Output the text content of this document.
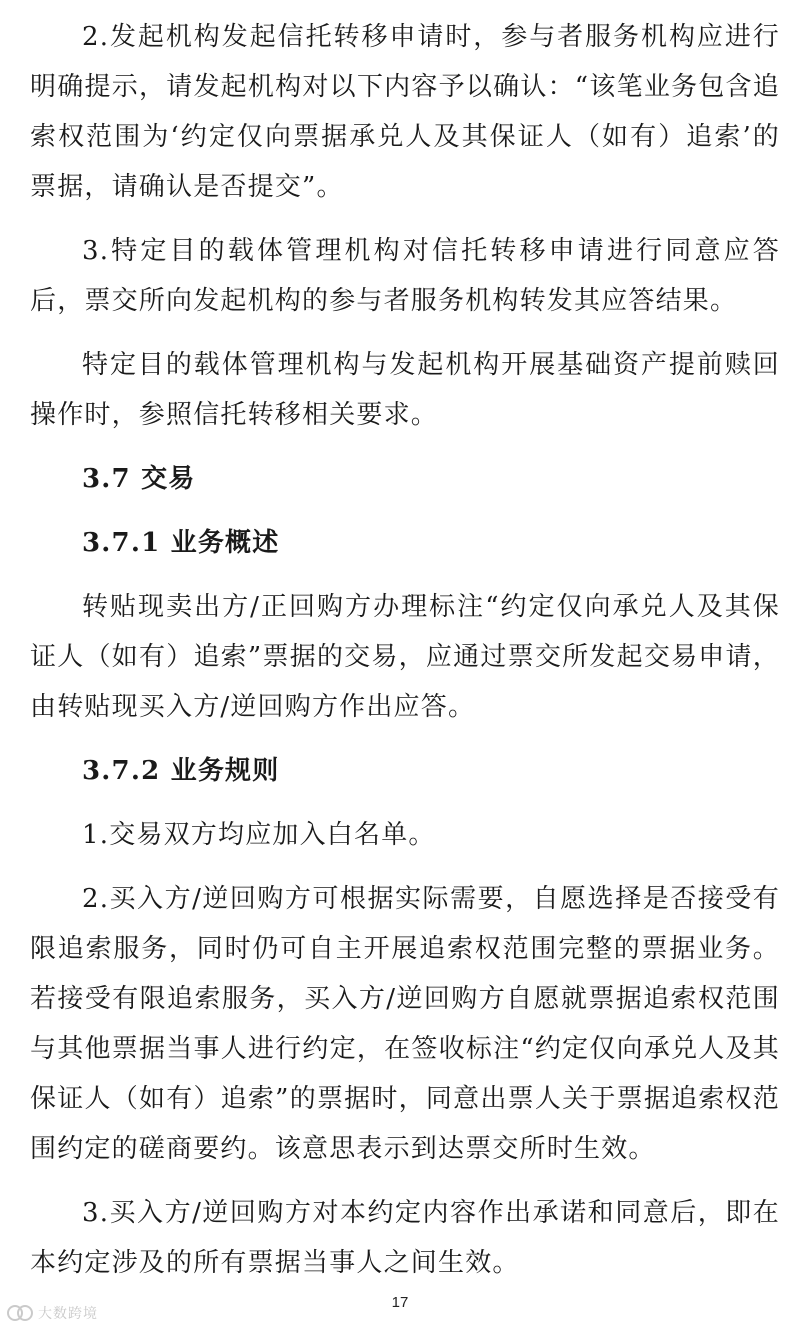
2.发起机构发起信托转移申请时，参与者服务机构应进行明确提示，请发起机构对以下内容予以确认：“该笔业务包含追索权范围为‘约定仅向票据承兑人及其保证人（如有）追索’的票据，请确认是否提交”。

3.特定目的载体管理机构对信托转移申请进行同意应答后，票交所向发起机构的参与者服务机构转发其应答结果。

特定目的载体管理机构与发起机构开展基础资产提前赎回操作时，参照信托转移相关要求。

3.7 交易

3.7.1 业务概述

转贴现卖出方/正回购方办理标注“约定仅向承兑人及其保证人（如有）追索”票据的交易，应通过票交所发起交易申请，由转贴现买入方/逆回购方作出应答。

3.7.2 业务规则

1.交易双方均应加入白名单。

2.买入方/逆回购方可根据实际需要，自愿选择是否接受有限追索服务，同时仍可自主开展追索权范围完整的票据业务。若接受有限追索服务，买入方/逆回购方自愿就票据追索权范围与其他票据当事人进行约定，在签收标注“约定仅向承兑人及其保证人（如有）追索”的票据时，同意出票人关于票据追索权范围约定的磋商要约。该意思表示到达票交所时生效。

3.买入方/逆回购方对本约定内容作出承诺和同意后，即在本约定涉及的所有票据当事人之间生效。

17
大数跨境
